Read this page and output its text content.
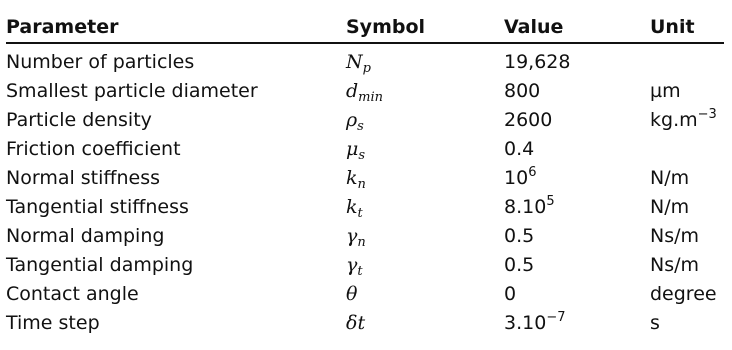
Parameter	Symbol	Value	Unit
Number of particles	$N_p$	19,628	
Smallest particle diameter	$d_{min}$	800	µm
Particle density	$\rho_s$	2600	$kg.m^{-3}$
Friction coefficient	$\mu_s$	0.4	
Normal stiffness	$k_n$	$10^6$	N/m
Tangential stiffness	$k_t$	8.10$^5$	N/m
Normal damping	$\gamma_n$	0.5	Ns/m
Tangential damping	$\gamma_t$	0.5	Ns/m
Contact angle	θ	0	degree
Time step	δt	$3.10^{-7}$	s
